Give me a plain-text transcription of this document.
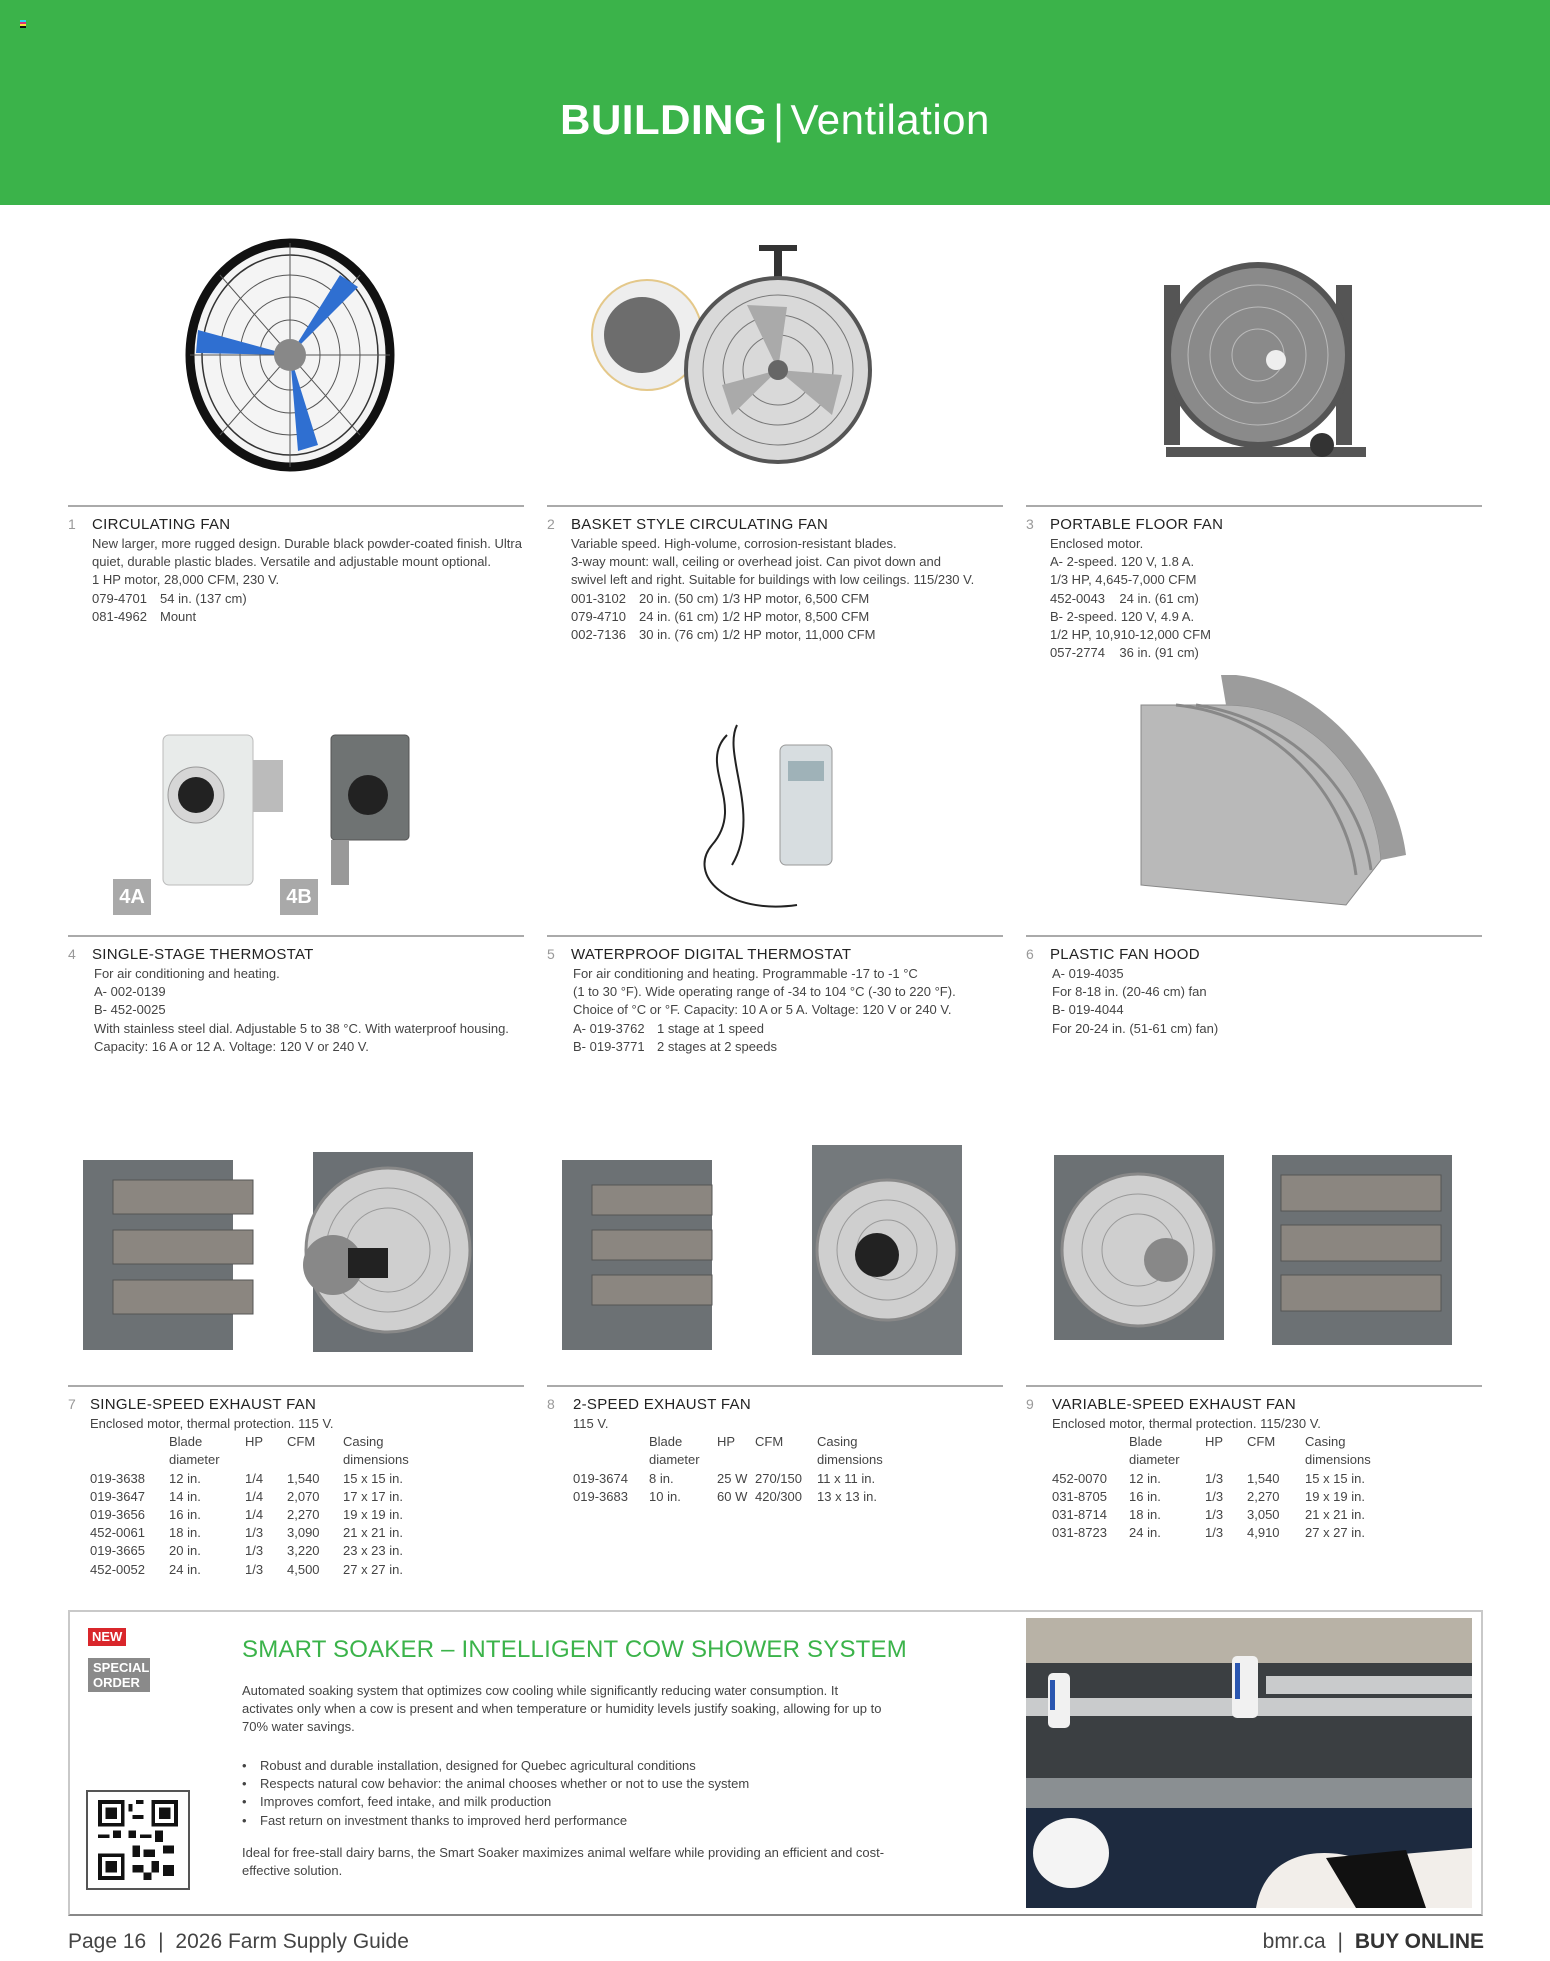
BUILDING | Ventilation
1 CIRCULATING FAN
New larger, more rugged design. Durable black powder-coated finish. Ultra
quiet, durable plastic blades. Versatile and adjustable mount optional.
1 HP motor, 28,000 CFM, 230 V.
079-4701 54 in. (137 cm)
081-4962 Mount
2 BASKET STYLE CIRCULATING FAN
Variable speed. High-volume, corrosion-resistant blades.
3-way mount: wall, ceiling or overhead joist. Can pivot down and
swivel left and right. Suitable for buildings with low ceilings. 115/230 V.
001-3102 20 in. (50 cm) 1/3 HP motor, 6,500 CFM
079-4710 24 in. (61 cm) 1/2 HP motor, 8,500 CFM
002-7136 30 in. (76 cm) 1/2 HP motor, 11,000 CFM
3 PORTABLE FLOOR FAN
Enclosed motor.
A- 2-speed. 120 V, 1.8 A.
1/3 HP, 4,645-7,000 CFM
452-0043    24 in. (61 cm)
B- 2-speed. 120 V, 4.9 A.
1/2 HP, 10,910-12,000 CFM
057-2774    36 in. (91 cm)
4A	4B
4 SINGLE-STAGE THERMOSTAT
For air conditioning and heating.
A- 002-0139
B- 452-0025
With stainless steel dial. Adjustable 5 to 38 °C. With waterproof housing.
Capacity: 16 A or 12 A. Voltage: 120 V or 240 V.
5 WATERPROOF DIGITAL THERMOSTAT
For air conditioning and heating. Programmable -17 to -1 °C
(1 to 30 °F). Wide operating range of -34 to 104 °C (-30 to 220 °F).
Choice of °C or °F. Capacity: 10 A or 5 A. Voltage: 120 V or 240 V.
A- 019-3762 1 stage at 1 speed
B- 019-3771 2 stages at 2 speeds
6 PLASTIC FAN HOOD
A- 019-4035
For 8-18 in. (20-46 cm) fan
B- 019-4044
For 20-24 in. (51-61 cm) fan)
7 SINGLE-SPEED EXHAUST FAN
Enclosed motor, thermal protection. 115 V.
	Blade diameter	HP	CFM	Casing dimensions
019-3638	12 in.	1/4	1,540	15 x 15 in.
019-3647	14 in.	1/4	2,070	17 x 17 in.
019-3656	16 in.	1/4	2,270	19 x 19 in.
452-0061	18 in.	1/3	3,090	21 x 21 in.
019-3665	20 in.	1/3	3,220	23 x 23 in.
452-0052	24 in.	1/3	4,500	27 x 27 in.
8 2-SPEED EXHAUST FAN
115 V.
	Blade diameter	HP	CFM	Casing dimensions
019-3674	8 in.	25 W	270/150	11 x 11 in.
019-3683	10 in.	60 W	420/300	13 x 13 in.
9 VARIABLE-SPEED EXHAUST FAN
Enclosed motor, thermal protection. 115/230 V.
	Blade diameter	HP	CFM	Casing dimensions
452-0070	12 in.	1/3	1,540	15 x 15 in.
031-8705	16 in.	1/3	2,270	19 x 19 in.
031-8714	18 in.	1/3	3,050	21 x 21 in.
031-8723	24 in.	1/3	4,910	27 x 27 in.
NEW
SPECIAL ORDER
SMART SOAKER – INTELLIGENT COW SHOWER SYSTEM
Automated soaking system that optimizes cow cooling while significantly reducing water consumption. It activates only when a cow is present and when temperature or humidity levels justify soaking, allowing for up to 70% water savings.
• Robust and durable installation, designed for Quebec agricultural conditions
• Respects natural cow behavior: the animal chooses whether or not to use the system
• Improves comfort, feed intake, and milk production
• Fast return on investment thanks to improved herd performance
Ideal for free-stall dairy barns, the Smart Soaker maximizes animal welfare while providing an efficient and cost-effective solution.
Page 16 | 2026 Farm Supply Guide	bmr.ca | BUY ONLINE
